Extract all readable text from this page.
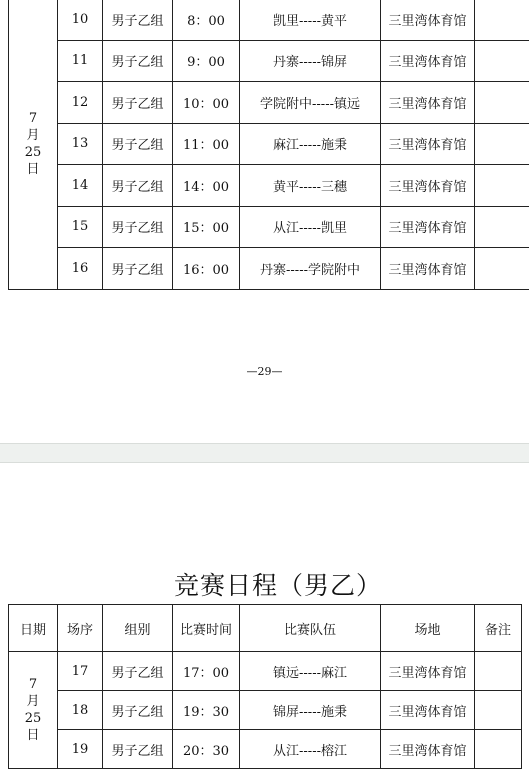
7
月
25
日	10	男子乙组	8：00	凯里-----黄平	三里湾体育馆	
	11	男子乙组	9：00	丹寨-----锦屏	三里湾体育馆	
	12	男子乙组	10：00	学院附中-----镇远	三里湾体育馆	
	13	男子乙组	11：00	麻江-----施秉	三里湾体育馆	
	14	男子乙组	14：00	黄平-----三穗	三里湾体育馆	
	15	男子乙组	15：00	从江-----凯里	三里湾体育馆	
	16	男子乙组	16：00	丹寨-----学院附中	三里湾体育馆	
—29—
竞赛日程（男乙）
日期	场序	组别	比赛时间	比赛队伍	场地	备注
7
月
25
日	17	男子乙组	17：00	镇远-----麻江	三里湾体育馆	
	18	男子乙组	19：30	锦屏-----施秉	三里湾体育馆	
	19	男子乙组	20：30	从江-----榕江	三里湾体育馆	
